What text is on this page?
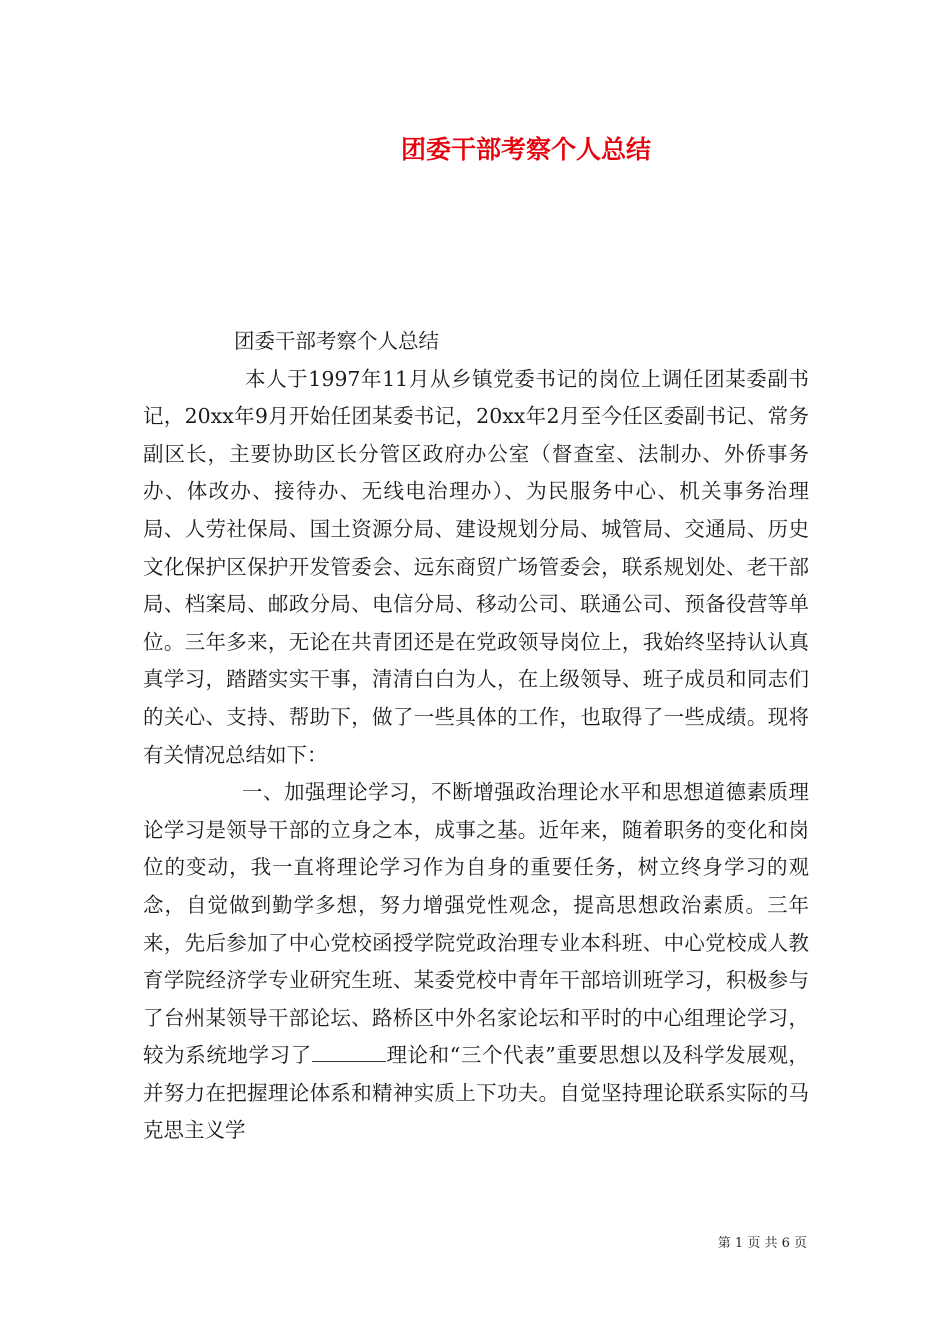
团委干部考察个人总结

团委干部考察个人总结

本人于1997年11月从乡镇党委书记的岗位上调任团某委副书记，20xx年9月开始任团某委书记，20xx年2月至今任区委副书记、常务副区长，主要协助区长分管区政府办公室（督查室、法制办、外侨事务办、体改办、接待办、无线电治理办）、为民服务中心、机关事务治理局、人劳社保局、国土资源分局、建设规划分局、城管局、交通局、历史文化保护区保护开发管委会、远东商贸广场管委会，联系规划处、老干部局、档案局、邮政分局、电信分局、移动公司、联通公司、预备役营等单位。三年多来，无论在共青团还是在党政领导岗位上，我始终坚持认认真真学习，踏踏实实干事，清清白白为人，在上级领导、班子成员和同志们的关心、支持、帮助下，做了一些具体的工作，也取得了一些成绩。现将有关情况总结如下：

一、加强理论学习，不断增强政治理论水平和思想道德素质理论学习是领导干部的立身之本，成事之基。近年来，随着职务的变化和岗位的变动，我一直将理论学习作为自身的重要任务，树立终身学习的观念，自觉做到勤学多想，努力增强党性观念，提高思想政治素质。三年来，先后参加了中心党校函授学院党政治理专业本科班、中心党校成人教育学院经济学专业研究生班、某委党校中青年干部培训班学习，积极参与了台州某领导干部论坛、路桥区中外名家论坛和平时的中心组理论学习，较为系统地学习了	理论和“三个代表”重要思想以及科学发展观，并努力在把握理论体系和精神实质上下功夫。自觉坚持理论联系实际的马克思主义学

第 1 页 共 6 页
